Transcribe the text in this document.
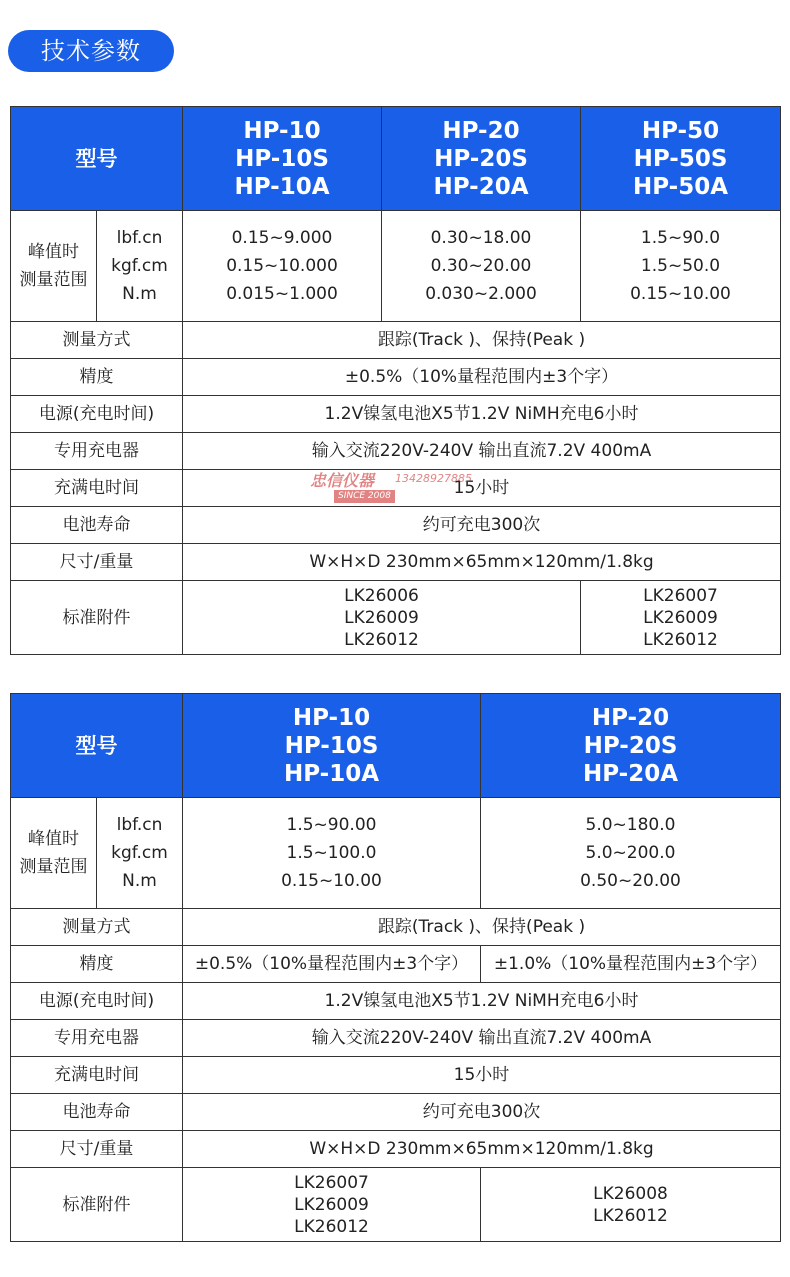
技术参数
型号		HP-10
HP-10S
HP-10A	HP-20
HP-20S
HP-20A	HP-50
HP-50S
HP-50A

峰值时
测量范围	lbf.cn
kgf.cm
N.m	0.15~9.000
0.15~10.000
0.015~1.000	0.30~18.00
0.30~20.00
0.030~2.000	1.5~90.0
1.5~50.0
0.15~10.00

测量方式		跟踪(Track )、保持(Peak )		
精度		±0.5%（10%量程范围内±3个字）		
电源(充电时间)		1.2V镍氢电池X5节1.2V NiMH充电6小时		
专用充电器		输入交流220V-240V 输出直流7.2V 400mA		
充满电时间		15小时		
电池寿命		约可充电300次		
尺寸/重量		W×H×D 230mm×65mm×120mm/1.8kg		
标准附件		LK26006
LK26009
LK26012		LK26007
LK26009
LK26012
忠信仪器 13428927885
SINCE 2008
型号		HP-10
HP-10S
HP-10A	HP-20
HP-20S
HP-20A

峰值时
测量范围	lbf.cn
kgf.cm
N.m	1.5~90.00
1.5~100.0
0.15~10.00	5.0~180.0
5.0~200.0
0.50~20.00

测量方式		跟踪(Track )、保持(Peak )	
精度		±0.5%（10%量程范围内±3个字）	±1.0%（10%量程范围内±3个字）
电源(充电时间)		1.2V镍氢电池X5节1.2V NiMH充电6小时	
专用充电器		输入交流220V-240V 输出直流7.2V 400mA	
充满电时间		15小时	
电池寿命		约可充电300次	
尺寸/重量		W×H×D 230mm×65mm×120mm/1.8kg	
标准附件		LK26007
LK26009
LK26012	LK26008
LK26012
